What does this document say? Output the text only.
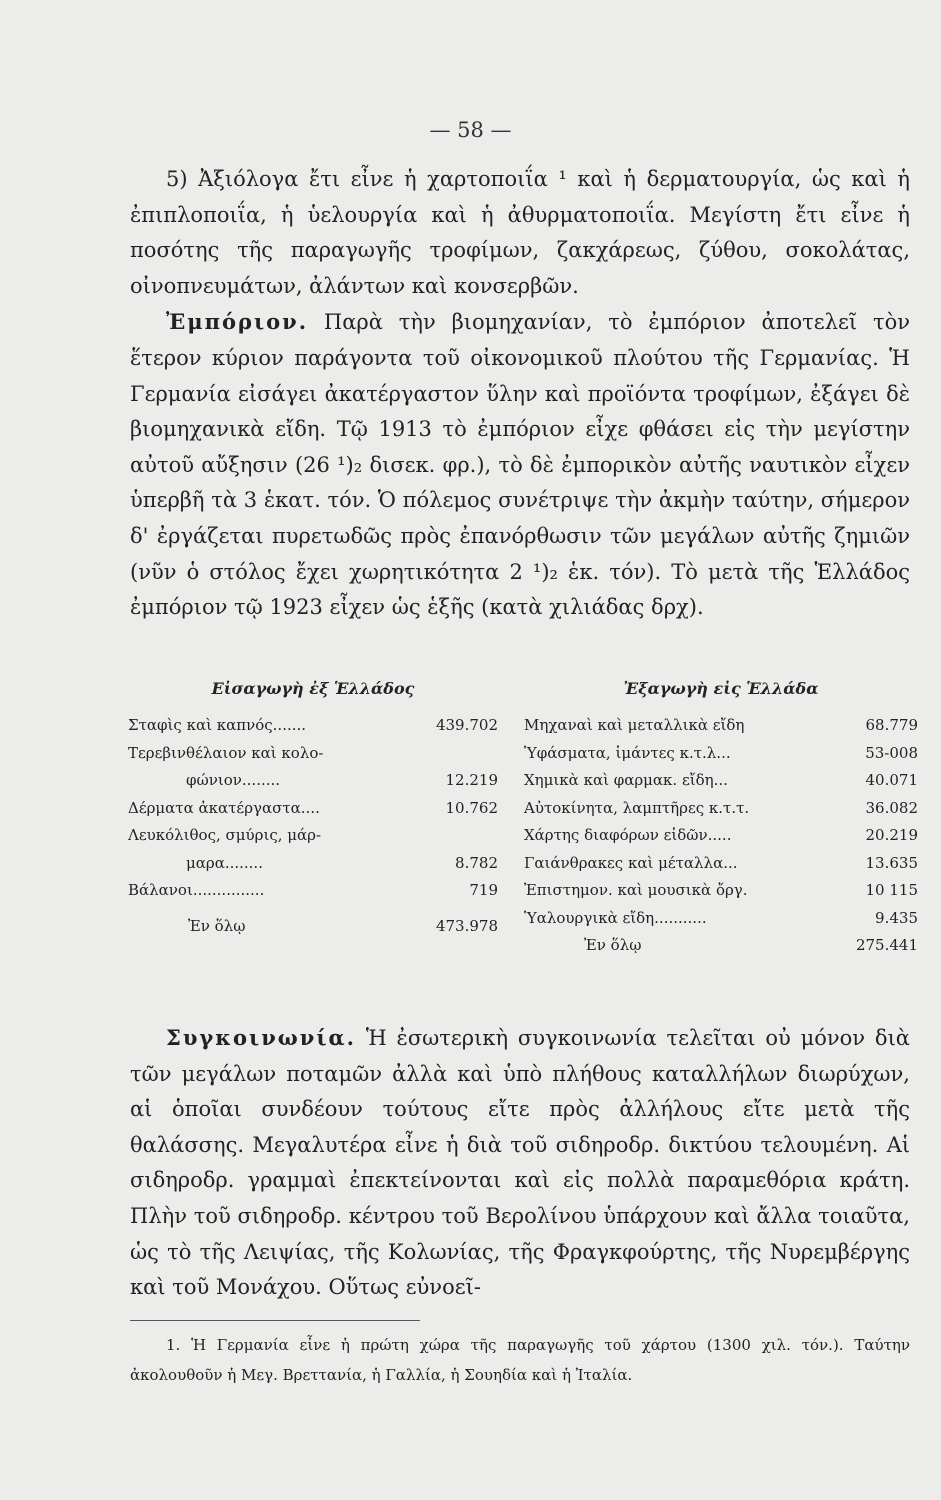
— 58 —

5) Ἀξιόλογα ἔτι εἶνε ἡ χαρτοποιΐα ¹ καὶ ἡ δερματουργία, ὡς καὶ ἡ ἐπιπλοποιΐα, ἡ ὑελουργία καὶ ἡ ἀθυρματοποιΐα. Μεγίστη ἔτι εἶνε ἡ ποσότης τῆς παραγωγῆς τροφίμων, ζακχάρεως, ζύθου, σοκολάτας, οἰνοπνευμάτων, ἀλάντων καὶ κονσερβῶν.

Ἐμπόριον. Παρὰ τὴν βιομηχανίαν, τὸ ἐμπόριον ἀποτελεῖ τὸν ἕτερον κύριον παράγοντα τοῦ οἰκονομικοῦ πλούτου τῆς Γερμανίας. Ἡ Γερμανία εἰσάγει ἀκατέργαστον ὕλην καὶ προϊόντα τροφίμων, ἐξάγει δὲ βιομηχανικὰ εἴδη. Τῷ 1913 τὸ ἐμπόριον εἶχε φθάσει εἰς τὴν μεγίστην αὐτοῦ αὔξησιν (26 ¹)₂ δισεκ. φρ.), τὸ δὲ ἐμπορικὸν αὐτῆς ναυτικὸν εἶχεν ὑπερβῆ τὰ 3 ἑκατ. τόν. Ὁ πόλεμος συνέτριψε τὴν ἀκμὴν ταύτην, σήμερον δ' ἐργάζεται πυρετωδῶς πρὸς ἐπανόρθωσιν τῶν μεγάλων αὐτῆς ζημιῶν (νῦν ὁ στόλος ἔχει χωρητικότητα 2 ¹)₂ ἑκ. τόν). Τὸ μετὰ τῆς Ἑλλάδος ἐμπόριον τῷ 1923 εἶχεν ὡς ἑξῆς (κατὰ χιλιάδας δρχ).

Εἰσαγωγὴ ἐξ Ἑλλάδος
Σταφὶς καὶ καπνός.......	439.702
Τερεβινθέλαιον καὶ κολο-
φώνιον........	12.219
Δέρματα ἀκατέργαστα....	10.762
Λευκόλιθος, σμύρις, μάρ-
μαρα........	8.782
Βάλανοι...............	719
Ἐν ὅλῳ	473.978
Ἐξαγωγὴ εἰς Ἑλλάδα
Μηχαναὶ καὶ μεταλλικὰ εἴδη	68.779
Ὑφάσματα, ἱμάντες κ.τ.λ...	53-008
Χημικὰ καὶ φαρμακ. εἴδη...	40.071
Αὐτοκίνητα, λαμπτῆρες κ.τ.τ.	36.082
Χάρτης διαφόρων εἰδῶν.....	20.219
Γαιάνθρακες καὶ μέταλλα...	13.635
Ἐπιστημον. καὶ μουσικὰ ὄργ.	10 115
Ὑαλουργικὰ εἴδη...........	9.435
Ἐν ὅλῳ	275.441

Συγκοινωνία. Ἡ ἐσωτερικὴ συγκοινωνία τελεῖται οὐ μόνον διὰ τῶν μεγάλων ποταμῶν ἀλλὰ καὶ ὑπὸ πλήθους καταλλήλων διωρύχων, αἱ ὁποῖαι συνδέουν τούτους εἴτε πρὸς ἀλλήλους εἴτε μετὰ τῆς θαλάσσης. Μεγαλυτέρα εἶνε ἡ διὰ τοῦ σιδηροδρ. δικτύου τελουμένη. Αἱ σιδηροδρ. γραμμαὶ ἐπεκτείνονται καὶ εἰς πολλὰ παραμεθόρια κράτη. Πλὴν τοῦ σιδηροδρ. κέντρου τοῦ Βερολίνου ὑπάρχουν καὶ ἄλλα τοιαῦτα, ὡς τὸ τῆς Λειψίας, τῆς Κολωνίας, τῆς Φραγκφούρτης, τῆς Νυρεμβέργης καὶ τοῦ Μονάχου. Οὕτως εὐνοεῖ-

1. Ἡ Γερμανία εἶνε ἡ πρώτη χώρα τῆς παραγωγῆς τοῦ χάρτου (1300 χιλ. τόν.). Ταύτην ἀκολουθοῦν ἡ Μεγ. Βρεττανία, ἡ Γαλλία, ἡ Σουηδία καὶ ἡ Ἰταλία.
